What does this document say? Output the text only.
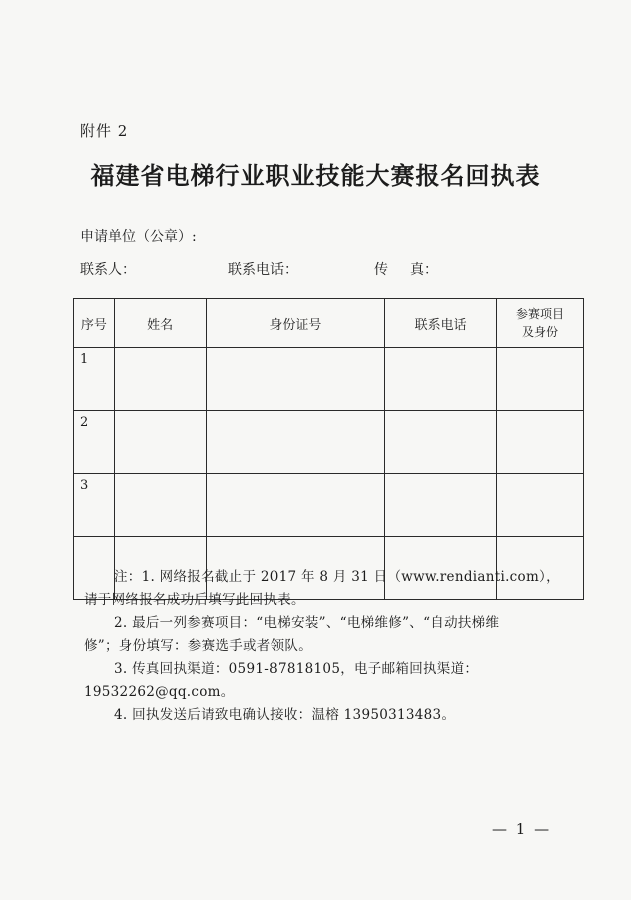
附件 2
福建省电梯行业职业技能大赛报名回执表
申请单位（公章）:
联系人：	联系电话：	传 真：
序号	姓名	身份证号	联系电话	参赛项目
及身份
1				
2				
3				

注：1. 网络报名截止于 2017 年 8 月 31 日（www.rendianti.com），

请于网络报名成功后填写此回执表。

2. 最后一列参赛项目：“电梯安装”、“电梯维修”、“自动扶梯维

修”；身份填写：参赛选手或者领队。

3. 传真回执渠道：0591-87818105，电子邮箱回执渠道：

19532262@qq.com。

4. 回执发送后请致电确认接收：温榕 13950313483。

— 1 —
